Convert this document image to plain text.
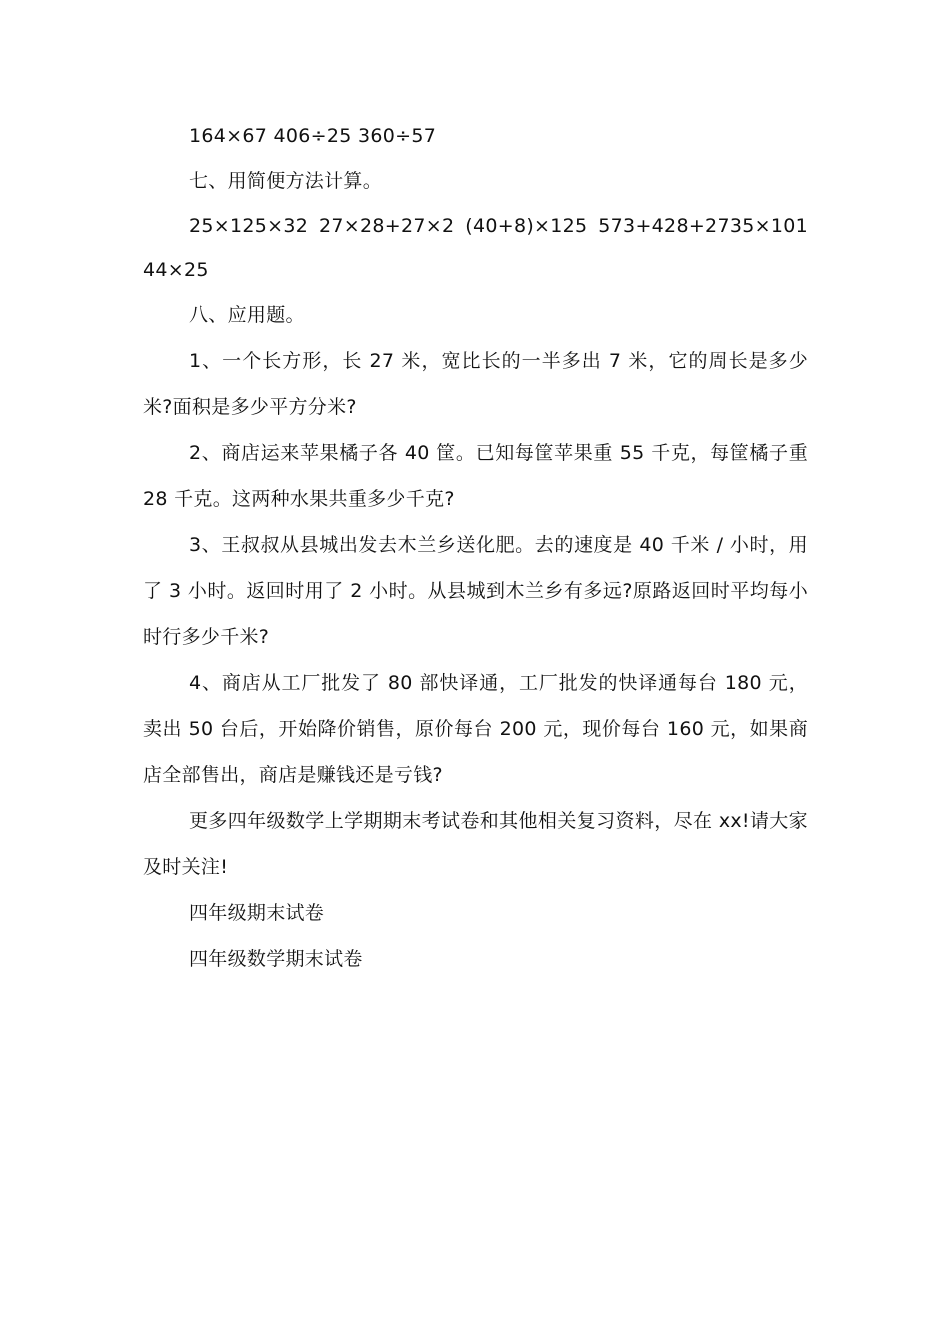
164×67 406÷25 360÷57

七、用简便方法计算。

25×125×32 27×28+27×2 (40+8)×125 573+428+2735×101 44×25

八、应用题。

1、一个长方形，长 27 米，宽比长的一半多出 7 米，它的周长是多少米?面积是多少平方分米?

2、商店运来苹果橘子各 40 筐。已知每筐苹果重 55 千克，每筐橘子重 28 千克。这两种水果共重多少千克?

3、王叔叔从县城出发去木兰乡送化肥。去的速度是 40 千米 / 小时，用了 3 小时。返回时用了 2 小时。从县城到木兰乡有多远?原路返回时平均每小时行多少千米?

4、商店从工厂批发了 80 部快译通，工厂批发的快译通每台 180 元，卖出 50 台后，开始降价销售，原价每台 200 元，现价每台 160 元，如果商店全部售出，商店是赚钱还是亏钱?

更多四年级数学上学期期末考试卷和其他相关复习资料，尽在 xx!请大家及时关注!

四年级期末试卷

四年级数学期末试卷
